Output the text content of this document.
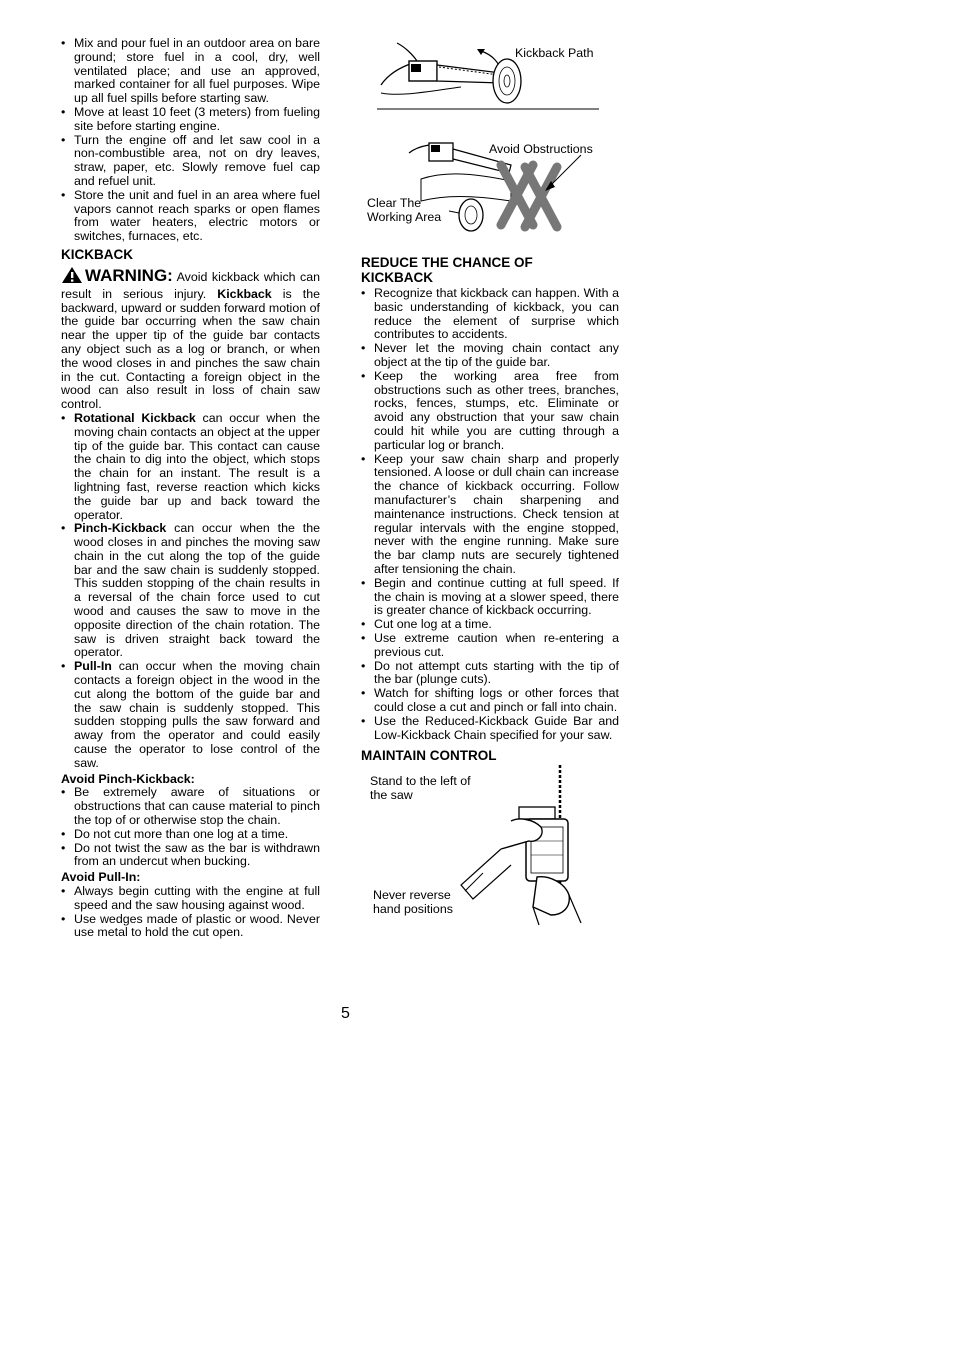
• Mix and pour fuel in an outdoor area on bare ground; store fuel in a cool, dry, well ventilated place; and use an approved, marked container for all fuel purposes. Wipe up all fuel spills before starting saw.
• Move at least 10 feet (3 meters) from fueling site before starting engine.
• Turn the engine off and let saw cool in a non-combustible area, not on dry leaves, straw, paper, etc. Slowly remove fuel cap and refuel unit.
• Store the unit and fuel in an area where fuel vapors cannot reach sparks or open flames from water heaters, electric motors or switches, furnaces, etc.
KICKBACK

WARNING: Avoid kickback which can result in serious injury. Kickback is the backward, upward or sudden forward motion of the guide bar occurring when the saw chain near the upper tip of the guide bar contacts any object such as a log or branch, or when the wood closes in and pinches the saw chain in the cut. Contacting a foreign object in the wood can also result in loss of chain saw control.

• Rotational Kickback can occur when the moving chain contacts an object at the upper tip of the guide bar. This contact can cause the chain to dig into the object, which stops the chain for an instant. The result is a lightning fast, reverse reaction which kicks the guide bar up and back toward the operator.
• Pinch-Kickback can occur when the the wood closes in and pinches the moving saw chain in the cut along the top of the guide bar and the saw chain is suddenly stopped. This sudden stopping of the chain results in a reversal of the chain force used to cut wood and causes the saw to move in the opposite direction of the chain rotation. The saw is driven straight back toward the operator.
• Pull-In can occur when the moving chain contacts a foreign object in the wood in the cut along the bottom of the guide bar and the saw chain is suddenly stopped. This sudden stopping pulls the saw forward and away from the operator and could easily cause the operator to lose control of the saw.
Avoid Pinch-Kickback:
• Be extremely aware of situations or obstructions that can cause material to pinch the top of or otherwise stop the chain.
• Do not cut more than one log at a time.
• Do not twist the saw as the bar is withdrawn from an undercut when bucking.
Avoid Pull-In:
• Always begin cutting with the engine at full speed and the saw housing against wood.
• Use wedges made of plastic or wood. Never use metal to hold the cut open.
Kickback Path
Avoid Obstructions
Clear The
Working Area
REDUCE THE CHANCE OF
KICKBACK
• Recognize that kickback can happen. With a basic understanding of kickback, you can reduce the element of surprise which contributes to accidents.
• Never let the moving chain contact any object at the tip of the guide bar.
• Keep the working area free from obstructions such as other trees, branches, rocks, fences, stumps, etc. Eliminate or avoid any obstruction that your saw chain could hit while you are cutting through a particular log or branch.
• Keep your saw chain sharp and properly tensioned. A loose or dull chain can increase the chance of kickback occurring. Follow manufacturer’s chain sharpening and maintenance instructions. Check tension at regular intervals with the engine stopped, never with the engine running. Make sure the bar clamp nuts are securely tightened after tensioning the chain.
• Begin and continue cutting at full speed. If the chain is moving at a slower speed, there is greater chance of kickback occurring.
• Cut one log at a time.
• Use extreme caution when re-entering a previous cut.
• Do not attempt cuts starting with the tip of the bar (plunge cuts).
• Watch for shifting logs or other forces that could close a cut and pinch or fall into chain.
• Use the Reduced-Kickback Guide Bar and Low-Kickback Chain specified for your saw.
MAINTAIN CONTROL
Stand to the left of
the saw
Never reverse
hand positions
5
